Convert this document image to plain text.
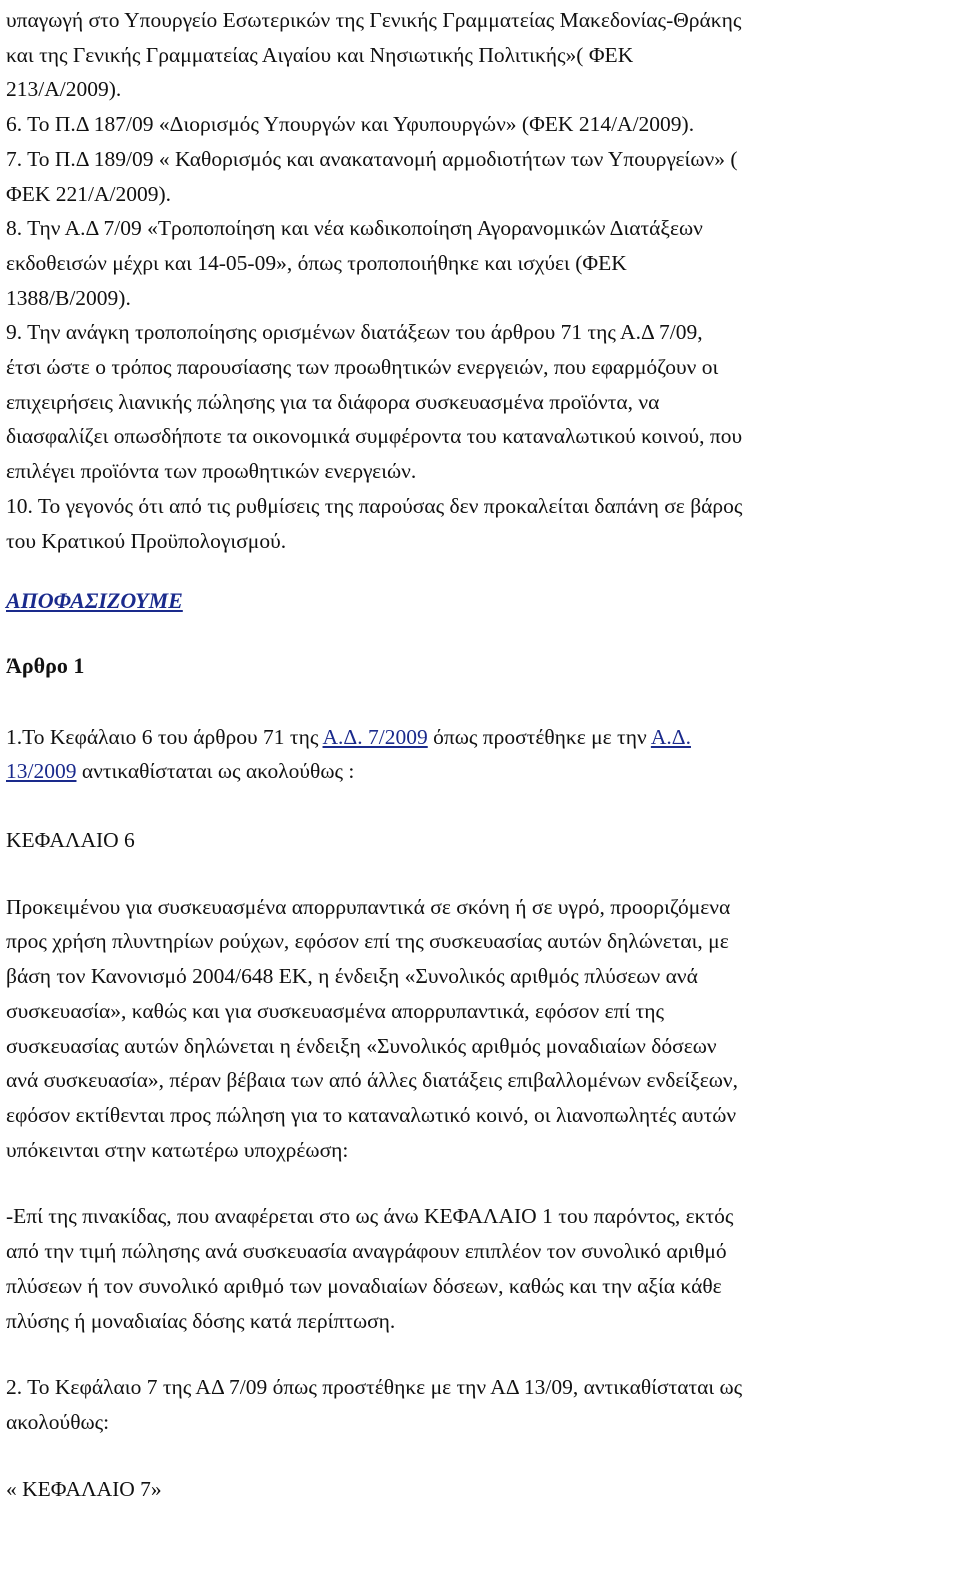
υπαγωγή στο Υπουργείο Εσωτερικών της Γενικής Γραμματείας Μακεδονίας-Θράκης
και της Γενικής Γραμματείας Αιγαίου και Νησιωτικής Πολιτικής»( ΦΕΚ
213/Α/2009).

6. Το Π.Δ 187/09 «Διορισμός Υπουργών και Υφυπουργών» (ΦΕΚ 214/Α/2009).

7. Το Π.Δ 189/09 « Καθορισμός και ανακατανομή αρμοδιοτήτων των Υπουργείων» (
ΦΕΚ 221/Α/2009).

8. Την Α.Δ 7/09 «Τροποποίηση και νέα κωδικοποίηση Αγορανομικών Διατάξεων
εκδοθεισών μέχρι και 14-05-09», όπως τροποποιήθηκε και ισχύει (ΦΕΚ
1388/Β/2009).

9. Την ανάγκη τροποποίησης ορισμένων διατάξεων του άρθρου 71 της Α.Δ 7/09,
έτσι ώστε ο τρόπος παρουσίασης των προωθητικών ενεργειών, που εφαρμόζουν οι
επιχειρήσεις λιανικής πώλησης για τα διάφορα συσκευασμένα προϊόντα, να
διασφαλίζει οπωσδήποτε τα οικονομικά συμφέροντα του καταναλωτικού κοινού, που
επιλέγει προϊόντα των προωθητικών ενεργειών.

10. Το γεγονός ότι από τις ρυθμίσεις της παρούσας δεν προκαλείται δαπάνη σε βάρος
του Κρατικού Προϋπολογισμού.

ΑΠΟΦΑΣΙΖΟΥΜΕ

Άρθρο 1

1.Το Κεφάλαιο 6 του άρθρου 71 της Α.Δ. 7/2009 όπως προστέθηκε με την Α.Δ.
13/2009 αντικαθίσταται ως ακολούθως :

ΚΕΦΑΛΑΙΟ 6

Προκειμένου για συσκευασμένα απορρυπαντικά σε σκόνη ή σε υγρό, προοριζόμενα
προς χρήση πλυντηρίων ρούχων, εφόσον επί της συσκευασίας αυτών δηλώνεται, με
βάση τον Κανονισμό 2004/648 ΕΚ, η ένδειξη «Συνολικός αριθμός πλύσεων ανά
συσκευασία», καθώς και για συσκευασμένα απορρυπαντικά, εφόσον επί της
συσκευασίας αυτών δηλώνεται η ένδειξη «Συνολικός αριθμός μοναδιαίων δόσεων
ανά συσκευασία», πέραν βέβαια των από άλλες διατάξεις επιβαλλομένων ενδείξεων,
εφόσον εκτίθενται προς πώληση για το καταναλωτικό κοινό, οι λιανοπωλητές αυτών
υπόκεινται στην κατωτέρω υποχρέωση:

-Επί της πινακίδας, που αναφέρεται στο ως άνω ΚΕΦΑΛΑΙΟ 1 του παρόντος, εκτός
από την τιμή πώλησης ανά συσκευασία αναγράφουν επιπλέον τον συνολικό αριθμό
πλύσεων ή τον συνολικό αριθμό των μοναδιαίων δόσεων, καθώς και την αξία κάθε
πλύσης ή μοναδιαίας δόσης κατά περίπτωση.

2. Το Κεφάλαιο 7 της ΑΔ 7/09 όπως προστέθηκε με την ΑΔ 13/09, αντικαθίσταται ως
ακολούθως:

« ΚΕΦΑΛΑΙΟ 7»
